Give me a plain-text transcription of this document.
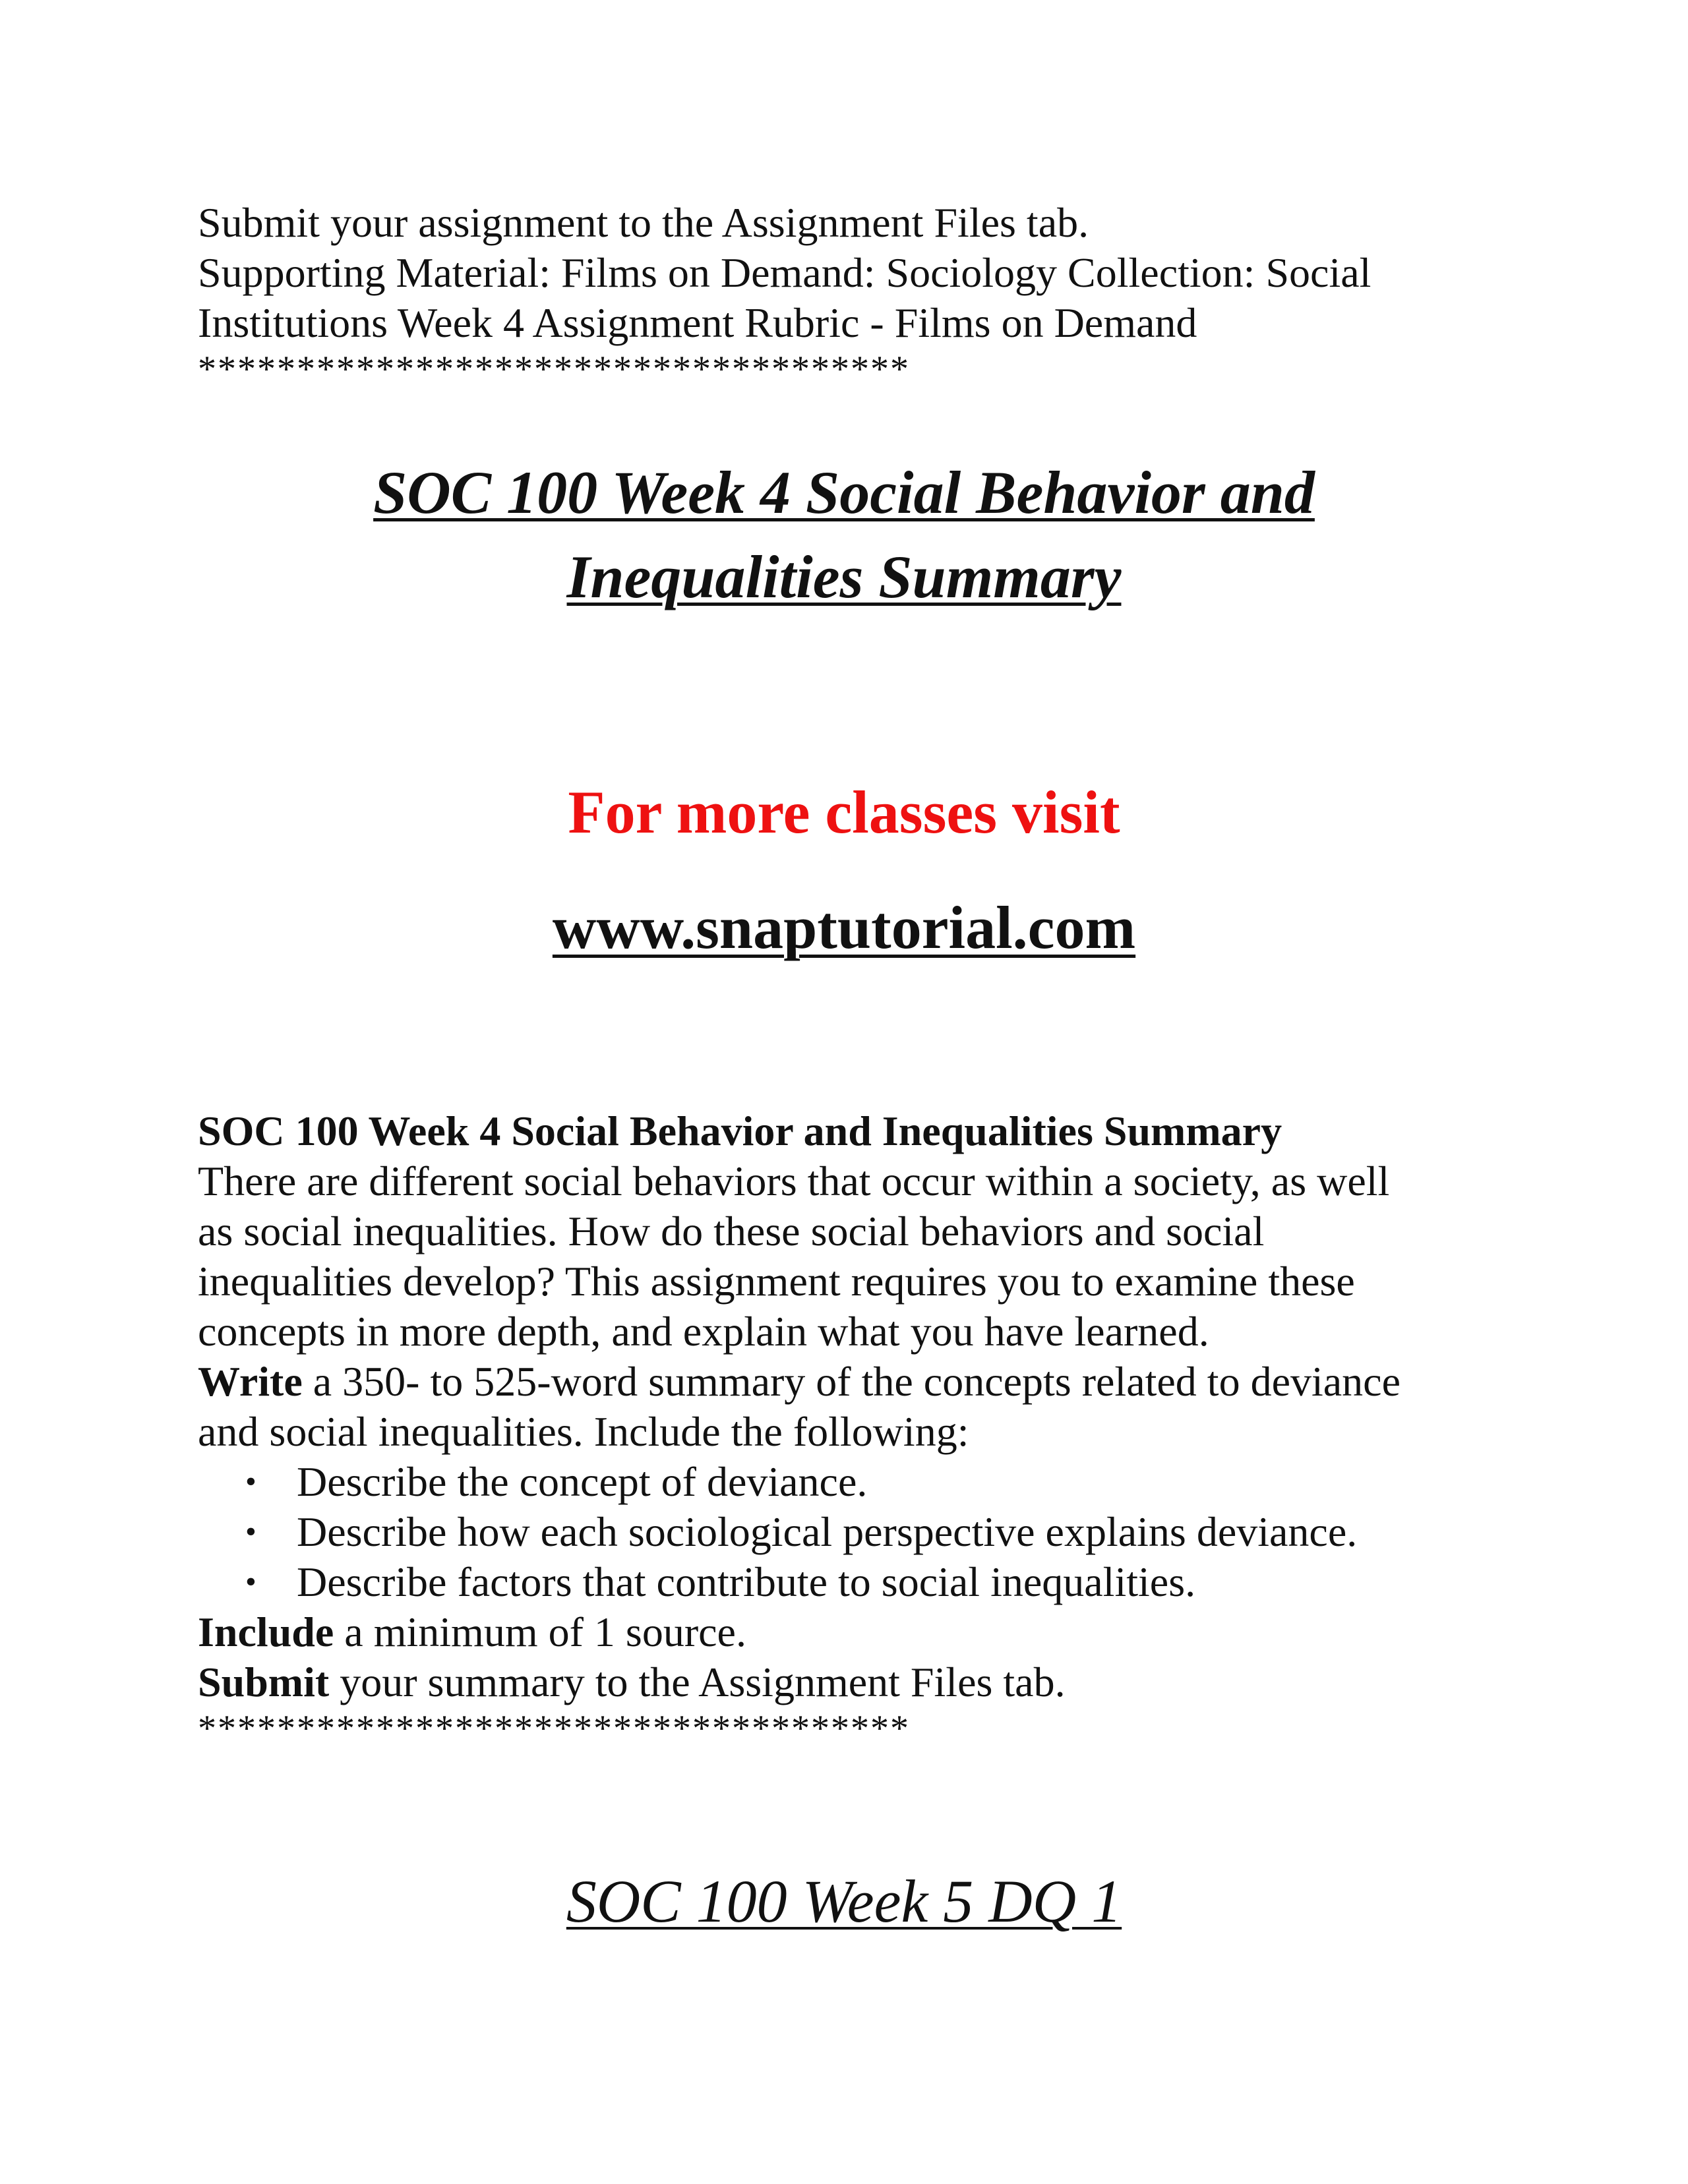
Submit your assignment to the Assignment Files tab.
Supporting Material: Films on Demand: Sociology Collection: Social
Institutions Week 4 Assignment Rubric - Films on Demand
************************************
SOC 100 Week 4 Social Behavior and
Inequalities Summary
For more classes visit
www.snaptutorial.com
SOC 100 Week 4 Social Behavior and Inequalities Summary
There are different social behaviors that occur within a society, as well
as social inequalities. How do these social behaviors and social
inequalities develop? This assignment requires you to examine these
concepts in more depth, and explain what you have learned.
Write a 350- to 525-word summary of the concepts related to deviance
and social inequalities. Include the following:
• Describe the concept of deviance.
• Describe how each sociological perspective explains deviance.
• Describe factors that contribute to social inequalities.
Include a minimum of 1 source.
Submit your summary to the Assignment Files tab.
************************************
SOC 100 Week 5 DQ 1
